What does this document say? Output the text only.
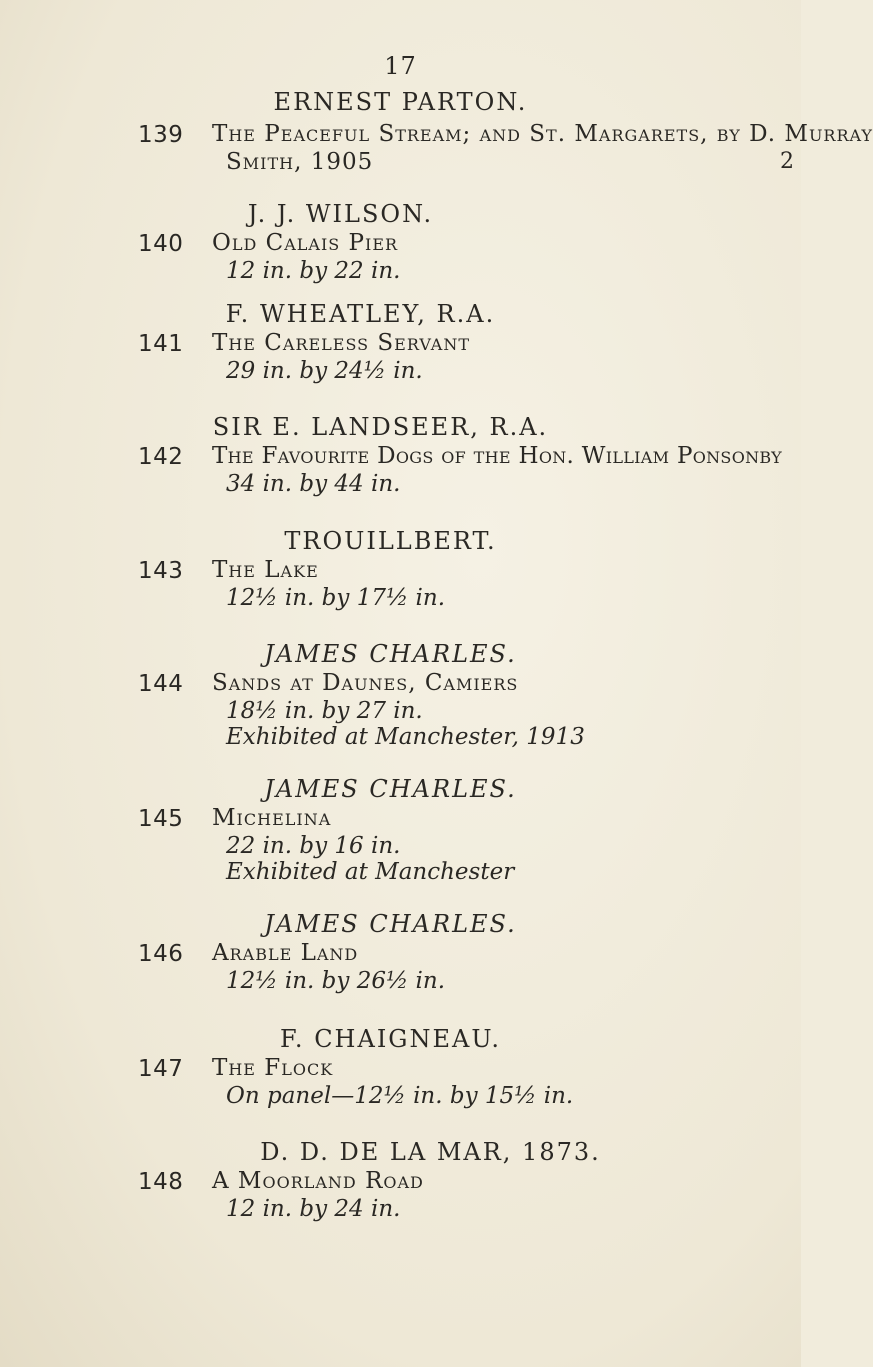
17
ERNEST PARTON.
139 The Peaceful Stream; and St. Margarets, by D. Murray
Smith, 1905	2
J. J. WILSON.
140 Old Calais Pier
12 in. by 22 in.
F. WHEATLEY, R.A.
141 The Careless Servant
29 in. by 24½ in.
SIR E. LANDSEER, R.A.
142 The Favourite Dogs of the Hon. William Ponsonby
34 in. by 44 in.
TROUILLBERT.
143 The Lake
12½ in. by 17½ in.
JAMES CHARLES.
144 Sands at Daunes, Camiers
18½ in. by 27 in.
Exhibited at Manchester, 1913
JAMES CHARLES.
145 Michelina
22 in. by 16 in.
Exhibited at Manchester
JAMES CHARLES.
146 Arable Land
12½ in. by 26½ in.
F. CHAIGNEAU.
147 The Flock
On panel—12½ in. by 15½ in.
D. D. DE LA MAR, 1873.
148 A Moorland Road
12 in. by 24 in.
